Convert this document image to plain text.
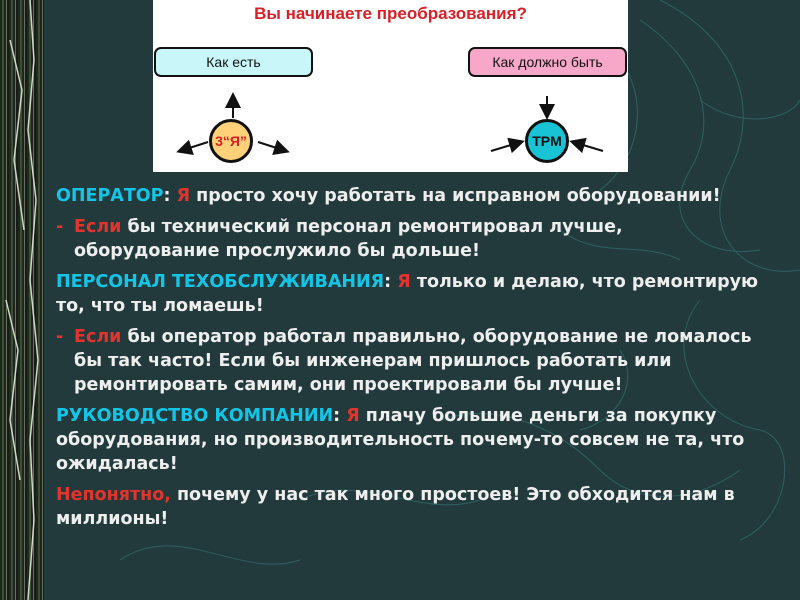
Вы начинаете преобразования?
Как есть	Как должно быть
3“Я”	TPM
ОПЕРАТОР: Я просто хочу работать на исправном оборудовании!
- Если бы технический персонал ремонтировал лучше, оборудование прослужило бы дольше!
ПЕРСОНАЛ ТЕХОБСЛУЖИВАНИЯ: Я только и делаю, что ремонтирую то, что ты ломаешь!
- Если бы оператор работал правильно, оборудование не ломалось бы так часто! Если бы инженерам пришлось работать или ремонтировать самим, они проектировали бы лучше!
РУКОВОДСТВО КОМПАНИИ: Я плачу большие деньги за покупку оборудования, но производительность почему-то совсем не та, что ожидалась!
Непонятно, почему у нас так много простоев! Это обходится нам в миллионы!
